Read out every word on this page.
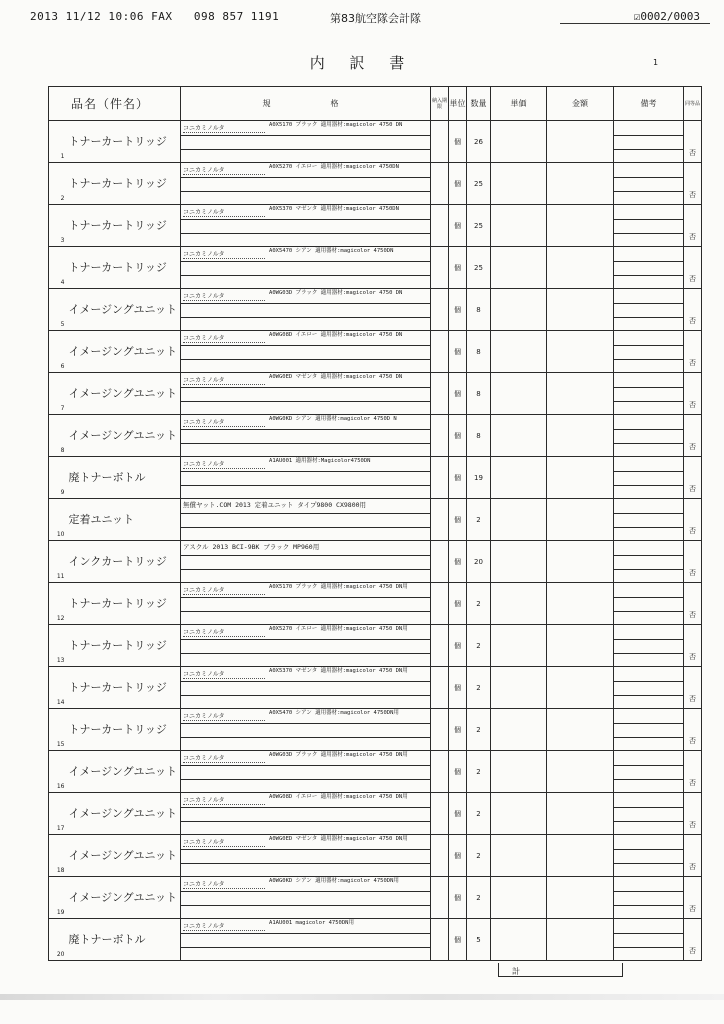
2013 11/12 10:06 FAX 098 857 1191	第83航空隊会計隊	☑0002/0003
内 訳 書	1
品名（件名）		規格	納入期限	単位	数量	単価	金額	備考	同等品
1	トナーカートリッジ	コニカミノルタ A0X5170 ブラック 適用器材:magicolor 4750 DN		個	26				否
2	トナーカートリッジ	コニカミノルタ A0X5270 イエロー 適用器材:magicolor 4750DN		個	25				否
3	トナーカートリッジ	コニカミノルタ A0X5370 マゼンタ 適用器材:magicolor 4750DN		個	25				否
4	トナーカートリッジ	コニカミノルタ A0X5470 シアン 適用器材:magicolor 4750DN		個	25				否
5	イメージングユニット	コニカミノルタ A0WG03D ブラック 適用器材:magicolor 4750 DN		個	8				否
6	イメージングユニット	コニカミノルタ A0WG08D イエロー 適用器材:magicolor 4750 DN		個	8				否
7	イメージングユニット	コニカミノルタ A0WG0ED マゼンタ 適用器材:magicolor 4750 DN		個	8				否
8	イメージングユニット	コニカミノルタ A0WG0KD シアン 適用器材:magicolor 4750D N		個	8				否
9	廃トナーボトル	コニカミノルタ A1AU001 適用器材:Magicolor4750DN		個	19				否
10	定着ユニット	無償ヤット.COM 2013 定着ユニット タイプ9800 CX9800用		個	2				否
11	インクカートリッジ	アスクル 2013 BCI-9BK ブラック MP960用		個	20				否
12	トナーカートリッジ	コニカミノルタ A0X5170 ブラック 適用器材:magicolor 4750 DN用		個	2				否
13	トナーカートリッジ	コニカミノルタ A0X5270 イエロー 適用器材:magicolor 4750 DN用		個	2				否
14	トナーカートリッジ	コニカミノルタ A0X5370 マゼンタ 適用器材:magicolor 4750 DN用		個	2				否
15	トナーカートリッジ	コニカミノルタ A0X5470 シアン 適用器材:magicolor 4750DN用		個	2				否
16	イメージングユニット	コニカミノルタ A0WG03D ブラック 適用器材:magicolor 4750 DN用		個	2				否
17	イメージングユニット	コニカミノルタ A0WG08D イエロー 適用器材:magicolor 4750 DN用		個	2				否
18	イメージングユニット	コニカミノルタ A0WG0ED マゼンタ 適用器材:magicolor 4750 DN用		個	2				否
19	イメージングユニット	コニカミノルタ A0WG0KD シアン 適用器材:magicolor 4750DN用		個	2				否
20	廃トナーボトル	コニカミノルタ A1AU001 magicolor 4750DN用		個	5				否
計
